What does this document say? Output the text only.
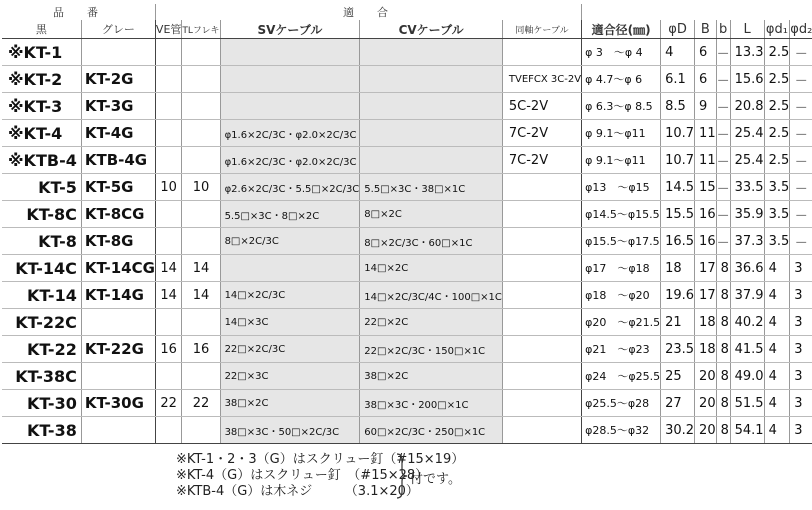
品　番		適　合											
黒	グレー	VE管	TLフレキ	SVケーブル	CVケーブル	同軸ケーブル	適合径(㎜)	φD	B	b	L	φd₁	φd₂
※KT-1							φ 3　～φ 4	4	6	－	13.3	2.5	－
※KT-2	KT-2G					TVEFCX 3C-2V	φ 4.7～φ 6	6.1	6	－	15.6	2.5	－
※KT-3	KT-3G					5C-2V	φ 6.3～φ 8.5	8.5	9	－	20.8	2.5	－
※KT-4	KT-4G			φ1.6×2C/3C・φ2.0×2C/3C		7C-2V	φ 9.1～φ11	10.7	11	－	25.4	2.5	－
※KTB-4	KTB-4G			φ1.6×2C/3C・φ2.0×2C/3C		7C-2V	φ 9.1～φ11	10.7	11	－	25.4	2.5	－
KT-5	KT-5G	10	10	φ2.6×2C/3C・5.5□×2C/3C	5.5□×3C・38□×1C		φ13　～φ15	14.5	15	－	33.5	3.5	－
KT-8C	KT-8CG			5.5□×3C・8□×2C	8□×2C		φ14.5～φ15.5	15.5	16	－	35.9	3.5	－
KT-8	KT-8G			8□×2C/3C	8□×2C/3C・60□×1C		φ15.5～φ17.5	16.5	16	－	37.3	3.5	－
KT-14C	KT-14CG	14	14		14□×2C		φ17　～φ18	18	17	8	36.6	4	3
KT-14	KT-14G	14	14	14□×2C/3C	14□×2C/3C/4C・100□×1C		φ18　～φ20	19.6	17	8	37.9	4	3
KT-22C				14□×3C	22□×2C		φ20　～φ21.5	21	18	8	40.2	4	3
KT-22	KT-22G	16	16	22□×2C/3C	22□×2C/3C・150□×1C		φ21　～φ23	23.5	18	8	41.5	4	3
KT-38C				22□×3C	38□×2C		φ24　～φ25.5	25	20	8	49.0	4	3
KT-30	KT-30G	22	22	38□×2C	38□×3C・200□×1C		φ25.5～φ28	27	20	8	51.5	4	3
KT-38				38□×3C・50□×2C/3C	60□×2C/3C・250□×1C		φ28.5～φ32	30.2	20	8	54.1	4	3
※KT-1・2・3（G）はスクリュー釘（#15×19）
※KT-4（G）はスクリュー釘　（#15×28）
※KTB-4（G）は木ネジ　　　（3.1×20）
付です。
